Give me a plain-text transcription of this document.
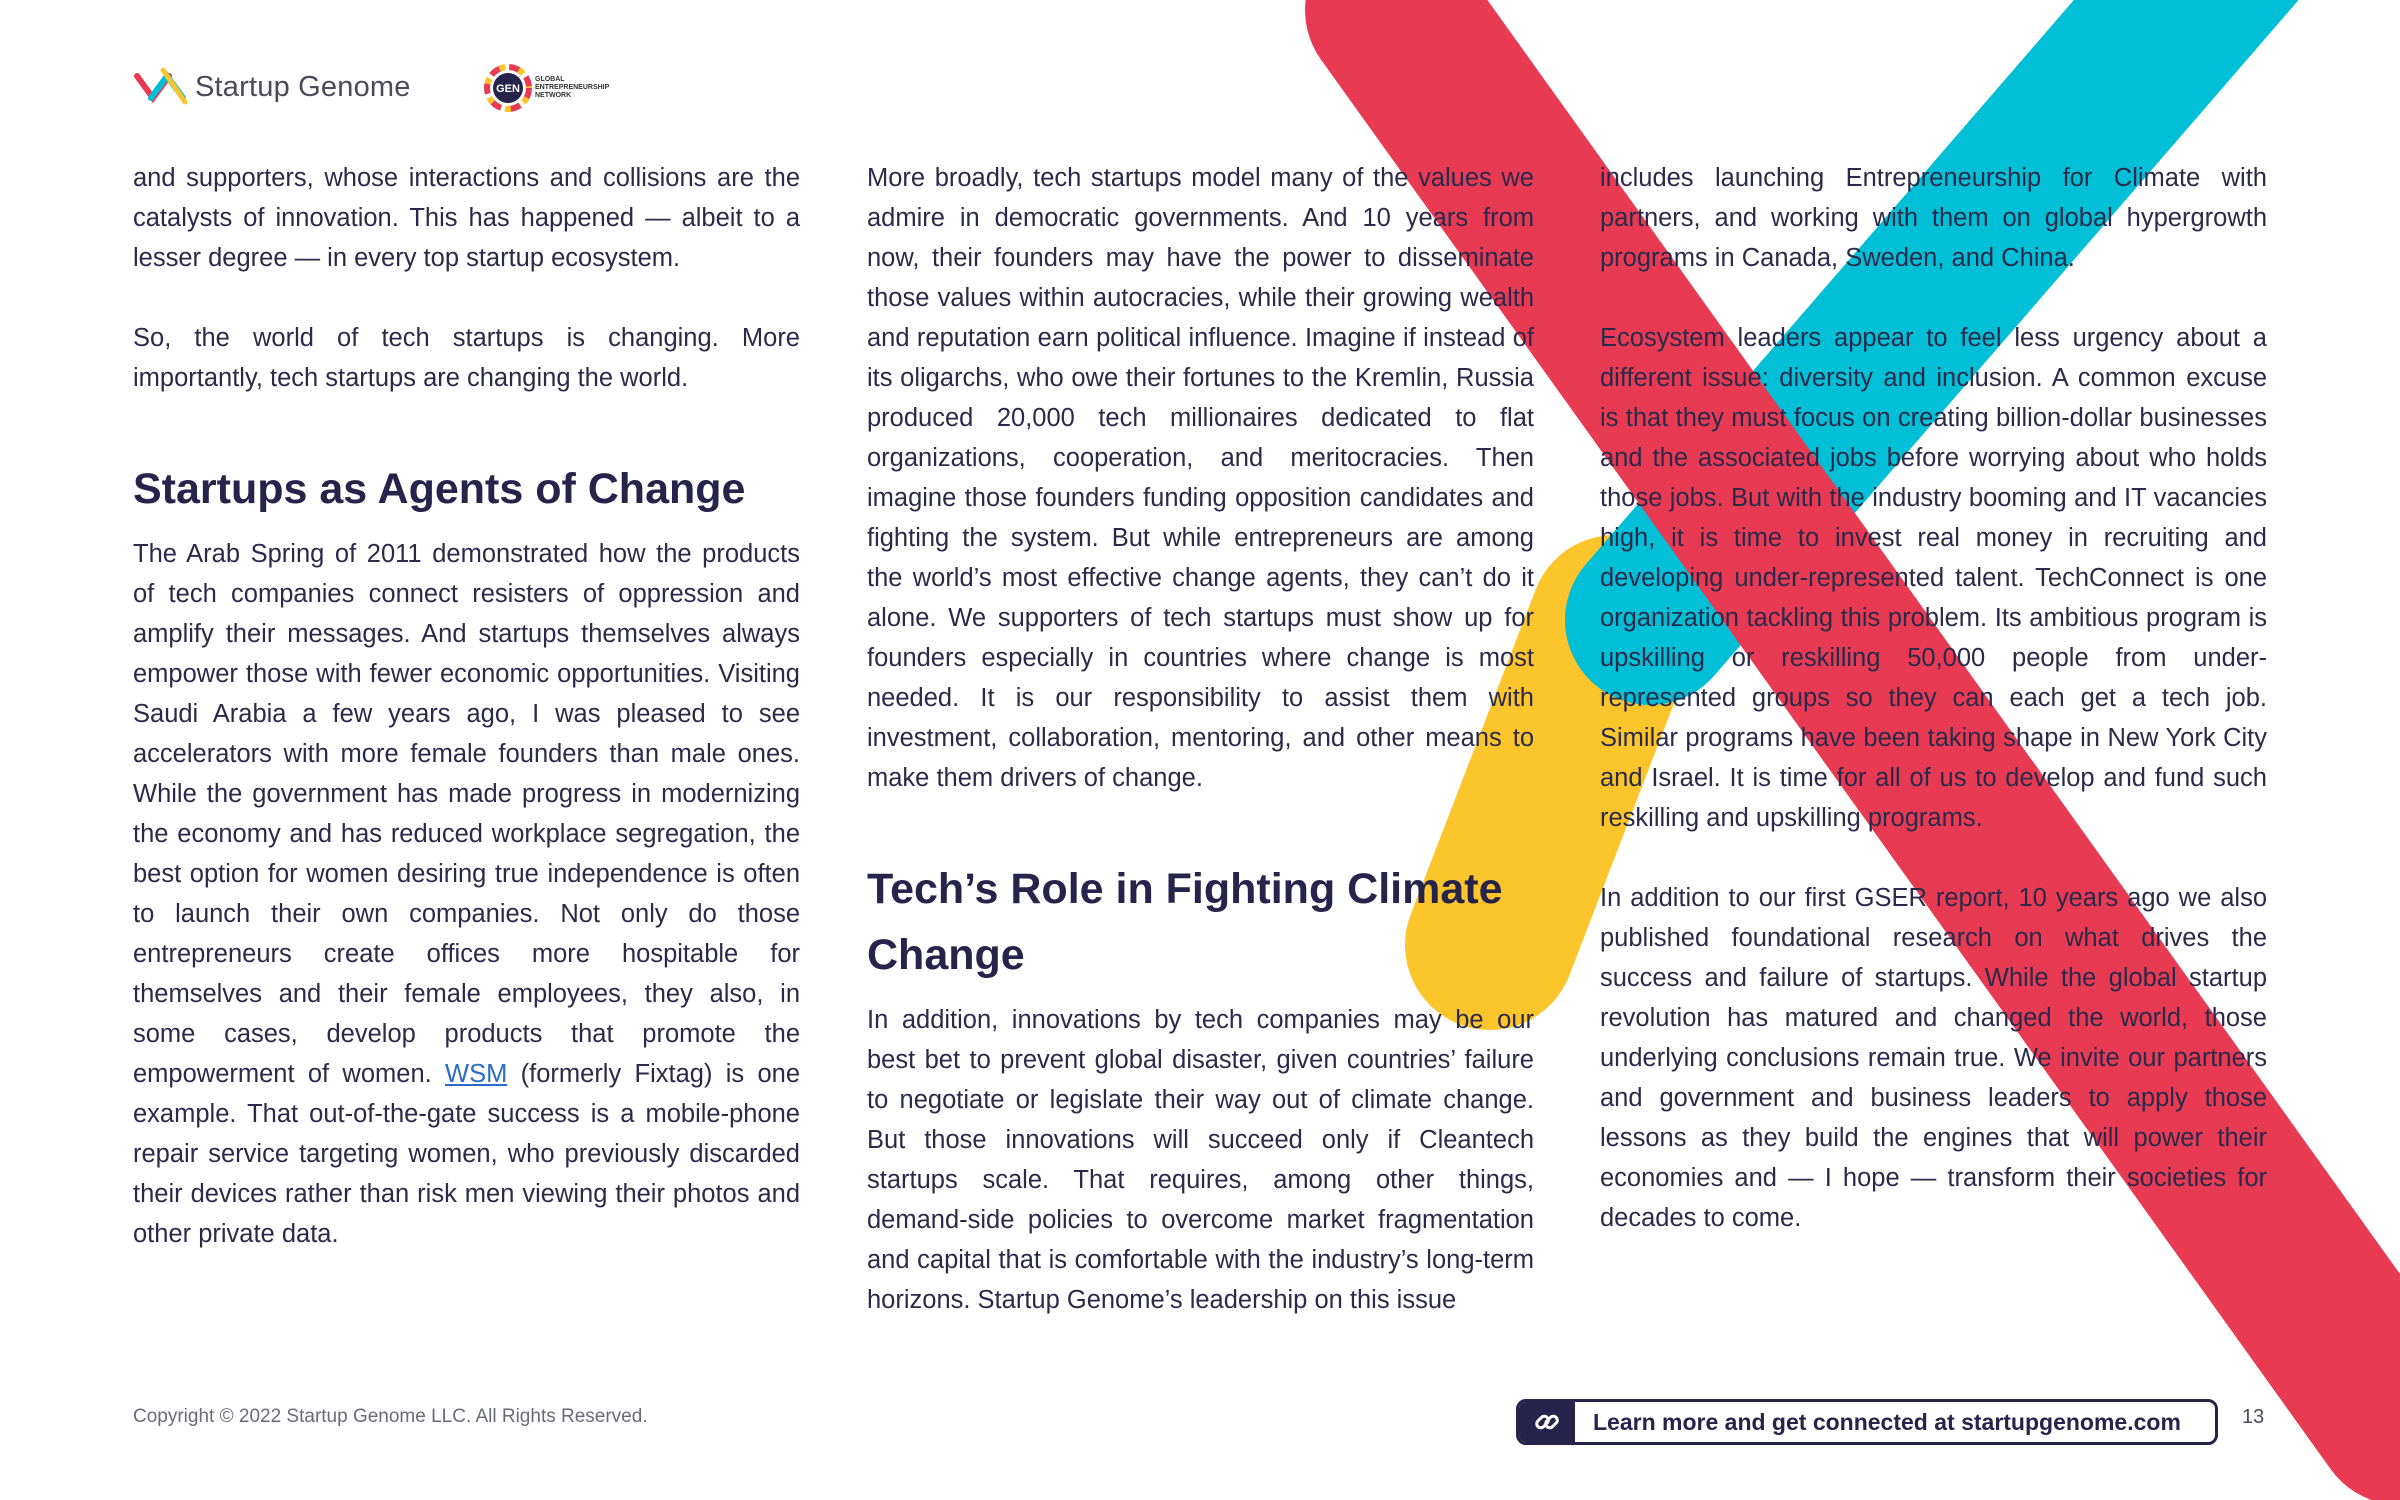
Startup Genome	GEN
GLOBAL
ENTREPRENEURSHIP
NETWORK

and supporters, whose interactions and collisions are the catalysts of innovation. This has happened — albeit to a lesser degree — in every top startup ecosystem.

So, the world of tech startups is changing. More importantly, tech startups are changing the world.

Startups as Agents of Change

The Arab Spring of 2011 demonstrated how the products of tech companies connect resisters of oppression and amplify their messages. And startups themselves always empower those with fewer economic opportunities. Visiting Saudi Arabia a few years ago, I was pleased to see accelerators with more female founders than male ones. While the government has made progress in modernizing the economy and has reduced workplace segregation, the best option for women desiring true independence is often to launch their own companies. Not only do those entrepreneurs create offices more hospitable for themselves and their female employees, they also, in some cases, develop products that promote the empowerment of women. WSM (formerly Fixtag) is one example. That out-of-the-gate success is a mobile-phone repair service targeting women, who previously discarded their devices rather than risk men viewing their photos and other private data.

More broadly, tech startups model many of the values we admire in democratic governments. And 10 years from now, their founders may have the power to disseminate those values within autocracies, while their growing wealth and reputation earn political influence. Imagine if instead of its oligarchs, who owe their fortunes to the Kremlin, Russia produced 20,000 tech millionaires dedicated to flat organizations, cooperation, and meritocracies. Then imagine those founders funding opposition candidates and fighting the system. But while entrepreneurs are among the world’s most effective change agents, they can’t do it alone. We supporters of tech startups must show up for founders especially in countries where change is most needed. It is our responsibility to assist them with investment, collaboration, mentoring, and other means to make them drivers of change.

Tech’s Role in Fighting Climate Change

In addition, innovations by tech companies may be our best bet to prevent global disaster, given countries’ failure to negotiate or legislate their way out of climate change. But those innovations will succeed only if Cleantech startups scale. That requires, among other things, demand-side policies to overcome market fragmentation and capital that is comfortable with the industry’s long-term horizons. Startup Genome’s leadership on this issue

includes launching Entrepreneurship for Climate with partners, and working with them on global hypergrowth programs in Canada, Sweden, and China.

Ecosystem leaders appear to feel less urgency about a different issue: diversity and inclusion. A common excuse is that they must focus on creating billion-dollar businesses and the associated jobs before worrying about who holds those jobs. But with the industry booming and IT vacancies high, it is time to invest real money in recruiting and developing under-represented talent. TechConnect is one organization tackling this problem. Its ambitious program is upskilling or reskilling 50,000 people from under-represented groups so they can each get a tech job. Similar programs have been taking shape in New York City and Israel. It is time for all of us to develop and fund such reskilling and upskilling programs.

In addition to our first GSER report, 10 years ago we also published foundational research on what drives the success and failure of startups. While the global startup revolution has matured and changed the world, those underlying conclusions remain true. We invite our partners and government and business leaders to apply those lessons as they build the engines that will power their economies and — I hope — transform their societies for decades to come.

Copyright © 2022 Startup Genome LLC. All Rights Reserved.	Learn more and get connected at startupgenome.com	13
